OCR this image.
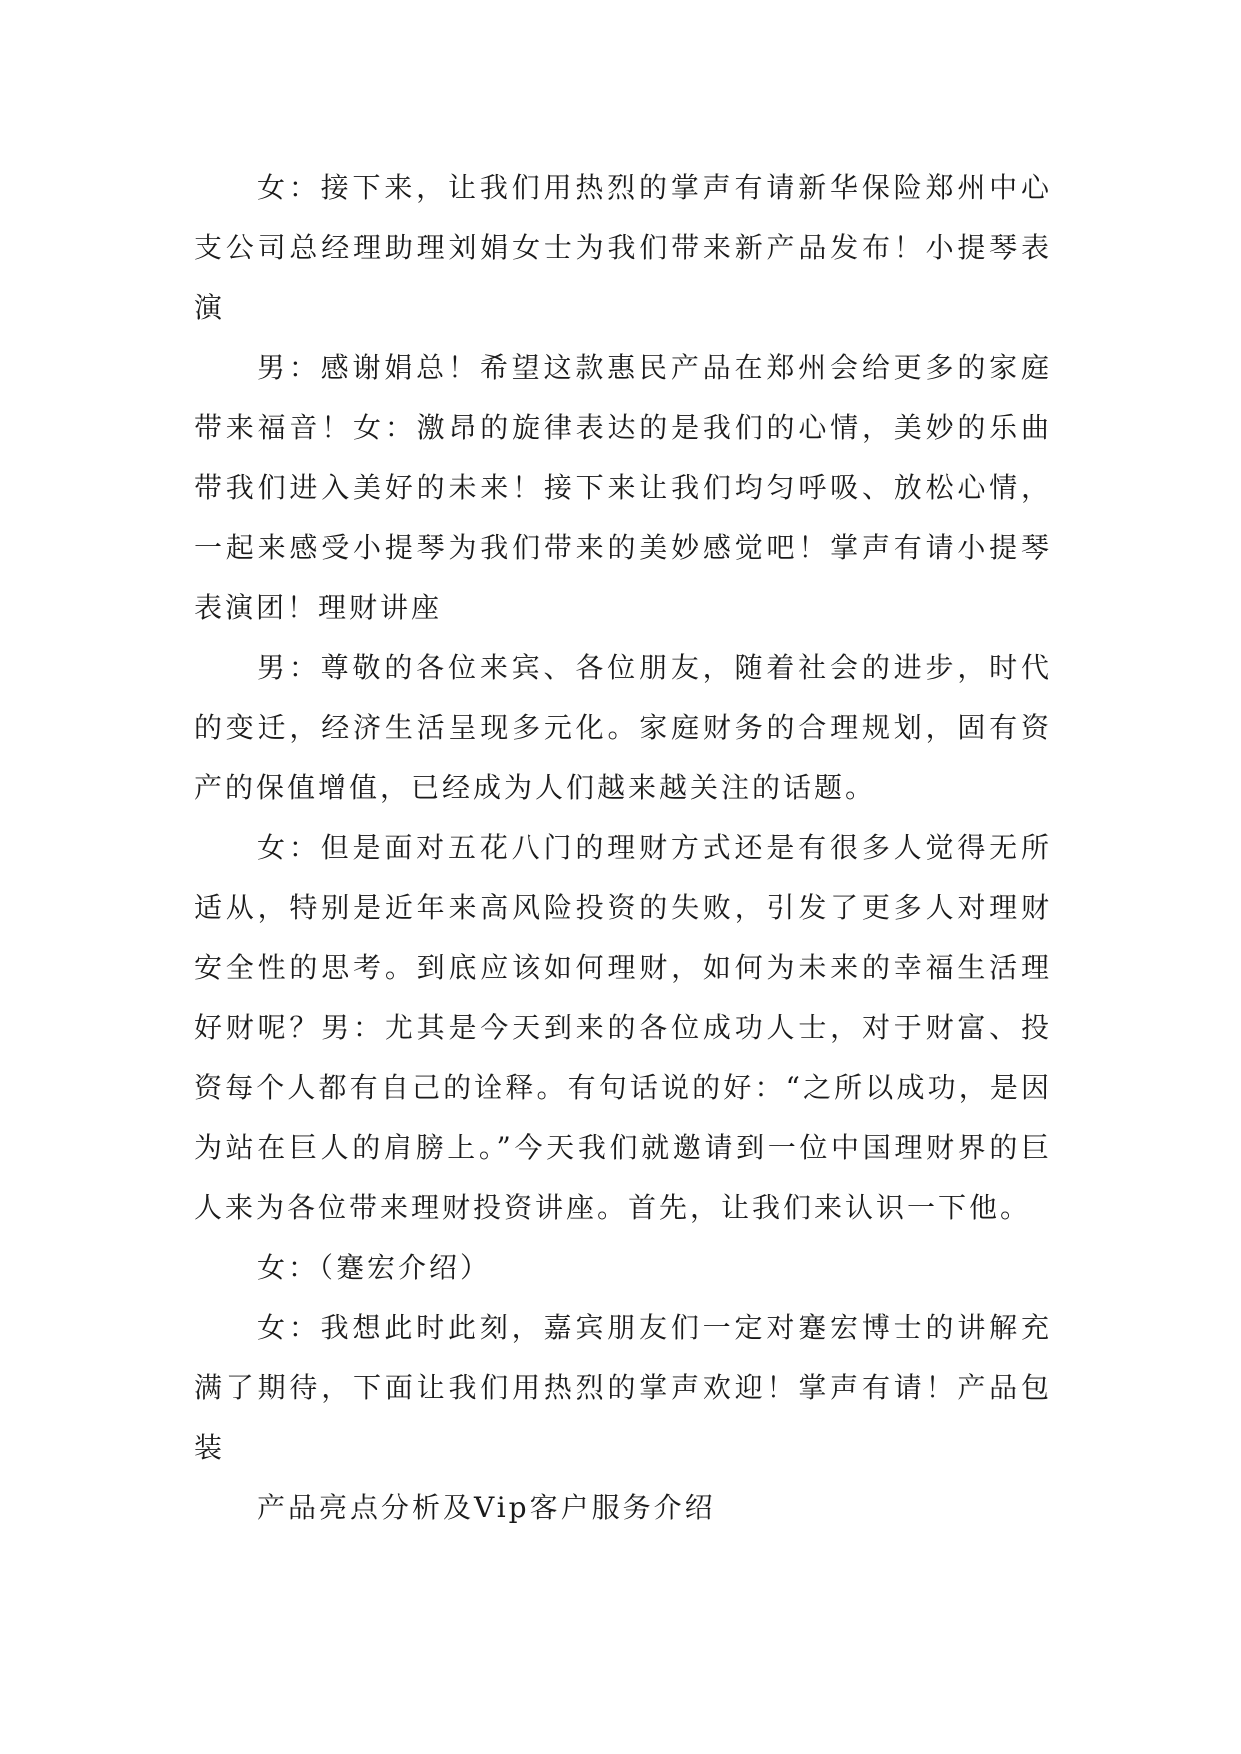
女：接下来，让我们用热烈的掌声有请新华保险郑州中心支公司总经理助理刘娟女士为我们带来新产品发布！小提琴表演

男：感谢娟总！希望这款惠民产品在郑州会给更多的家庭带来福音！女：激昂的旋律表达的是我们的心情，美妙的乐曲带我们进入美好的未来！接下来让我们均匀呼吸、放松心情，一起来感受小提琴为我们带来的美妙感觉吧！掌声有请小提琴表演团！理财讲座

男：尊敬的各位来宾、各位朋友，随着社会的进步，时代的变迁，经济生活呈现多元化。家庭财务的合理规划，固有资产的保值增值，已经成为人们越来越关注的话题。

女：但是面对五花八门的理财方式还是有很多人觉得无所适从，特别是近年来高风险投资的失败，引发了更多人对理财安全性的思考。到底应该如何理财，如何为未来的幸福生活理好财呢？男：尤其是今天到来的各位成功人士，对于财富、投资每个人都有自己的诠释。有句话说的好：“之所以成功，是因为站在巨人的肩膀上。”今天我们就邀请到一位中国理财界的巨人来为各位带来理财投资讲座。首先，让我们来认识一下他。

女：（蹇宏介绍）

女：我想此时此刻，嘉宾朋友们一定对蹇宏博士的讲解充满了期待，下面让我们用热烈的掌声欢迎！掌声有请！产品包装

产品亮点分析及Vip客户服务介绍
